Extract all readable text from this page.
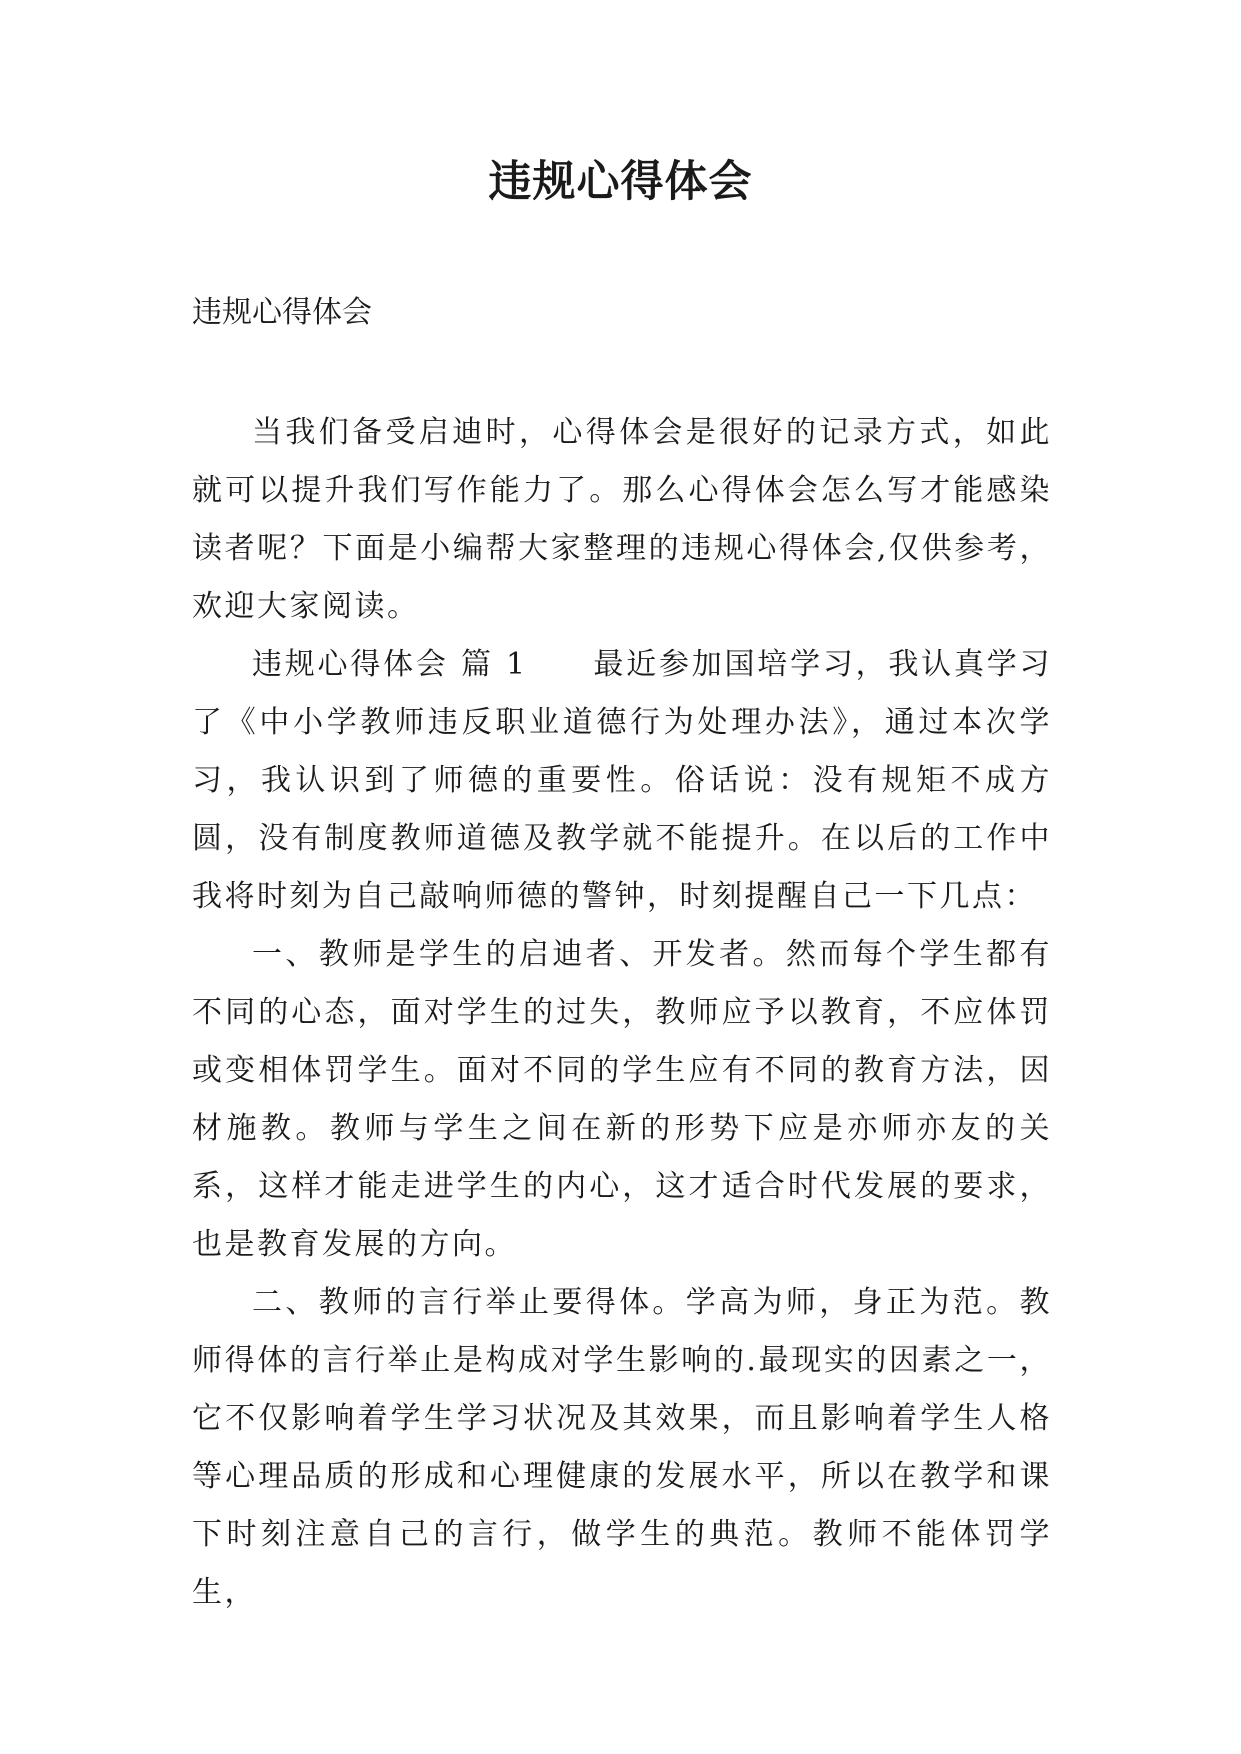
违规心得体会

违规心得体会

当我们备受启迪时，心得体会是很好的记录方式，如此就可以提升我们写作能力了。那么心得体会怎么写才能感染读者呢？下面是小编帮大家整理的违规心得体会,仅供参考，欢迎大家阅读。

违规心得体会 篇 1　　最近参加国培学习，我认真学习了《中小学教师违反职业道德行为处理办法》，通过本次学习，我认识到了师德的重要性。俗话说：没有规矩不成方圆，没有制度教师道德及教学就不能提升。在以后的工作中我将时刻为自己敲响师德的警钟，时刻提醒自己一下几点：

一、教师是学生的启迪者、开发者。然而每个学生都有不同的心态，面对学生的过失，教师应予以教育，不应体罚或变相体罚学生。面对不同的学生应有不同的教育方法，因材施教。教师与学生之间在新的形势下应是亦师亦友的关系，这样才能走进学生的内心，这才适合时代发展的要求，也是教育发展的方向。

二、教师的言行举止要得体。学高为师，身正为范。教师得体的言行举止是构成对学生影响的.最现实的因素之一，它不仅影响着学生学习状况及其效果，而且影响着学生人格等心理品质的形成和心理健康的发展水平，所以在教学和课下时刻注意自己的言行，做学生的典范。教师不能体罚学生，
